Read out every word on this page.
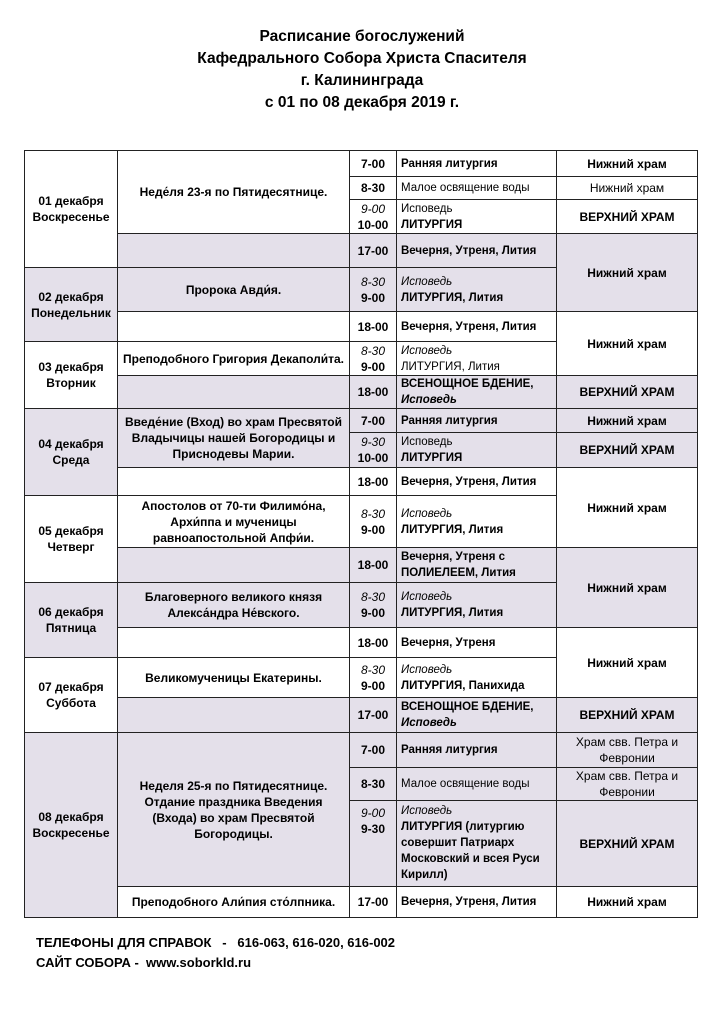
Расписание богослужений
Кафедрального Собора Христа Спасителя
г. Калининграда
с 01 по 08 декабря 2019 г.
01 декабря
Воскресенье
02 декабря
Понедельник
03 декабря
Вторник
04 декабря
Среда
05 декабря
Четверг
06 декабря
Пятница
07 декабря
Суббота
08 декабря
Воскресенье
Неде́ля 23-я по Пятидесятнице.
Пророка Авди́я.
Преподобного Григория Декаполи́та.
Введе́ние (Вход) во храм Пресвятой Владычицы нашей Богородицы и Приснодевы Марии.
Апостолов от 70-ти Филимо́на, Архи́ппа и мученицы равноапостольной Апфи́и.
Благоверного великого князя Алекса́ндра Не́вского.
Великомученицы Екатерины.
Неделя 25-я по Пятидесятнице. Отдание праздника Введения (Входа) во храм Пресвятой Богородицы.
Преподобного Али́пия сто́лпника.
7-00
8-30
9-00
10-00
17-00
8-30
9-00
18-00
8-30
9-00
18-00
7-00
9-30
10-00
18-00
8-30
9-00
18-00
8-30
9-00
18-00
8-30
9-00
17-00
7-00
8-30
9-00
9-30
17-00
Ранняя литургия
Малое освящение воды
Исповедь
ЛИТУРГИЯ
Вечерня, Утреня, Лития
Исповедь
ЛИТУРГИЯ, Лития
Вечерня, Утреня, Лития
Исповедь
ЛИТУРГИЯ, Лития
ВСЕНОЩНОЕ БДЕНИЕ,
Исповедь
Ранняя литургия
Исповедь
ЛИТУРГИЯ
Вечерня, Утреня, Лития
Исповедь
ЛИТУРГИЯ, Лития
Вечерня, Утреня с
ПОЛИЕЛЕЕМ, Лития
Исповедь
ЛИТУРГИЯ, Лития
Вечерня, Утреня
Исповедь
ЛИТУРГИЯ, Панихида
ВСЕНОЩНОЕ БДЕНИЕ,
Исповедь
Ранняя литургия
Малое освящение воды
Исповедь
ЛИТУРГИЯ (литургию совершит Патриарх Московский и всея Руси Кирилл)
Вечерня, Утреня, Лития
Нижний храм
Нижний храм
ВЕРХНИЙ ХРАМ
Нижний храм
Нижний храм
ВЕРХНИЙ ХРАМ
Нижний храм
ВЕРХНИЙ ХРАМ
Нижний храм
Нижний храм
Нижний храм
ВЕРХНИЙ ХРАМ
Храм свв. Петра и Февронии
Храм свв. Петра и Февронии
ВЕРХНИЙ ХРАМ
Нижний храм
ТЕЛЕФОНЫ ДЛЯ СПРАВОК   -   616-063, 616-020, 616-002
САЙТ СОБОРА -  www.soborkld.ru
